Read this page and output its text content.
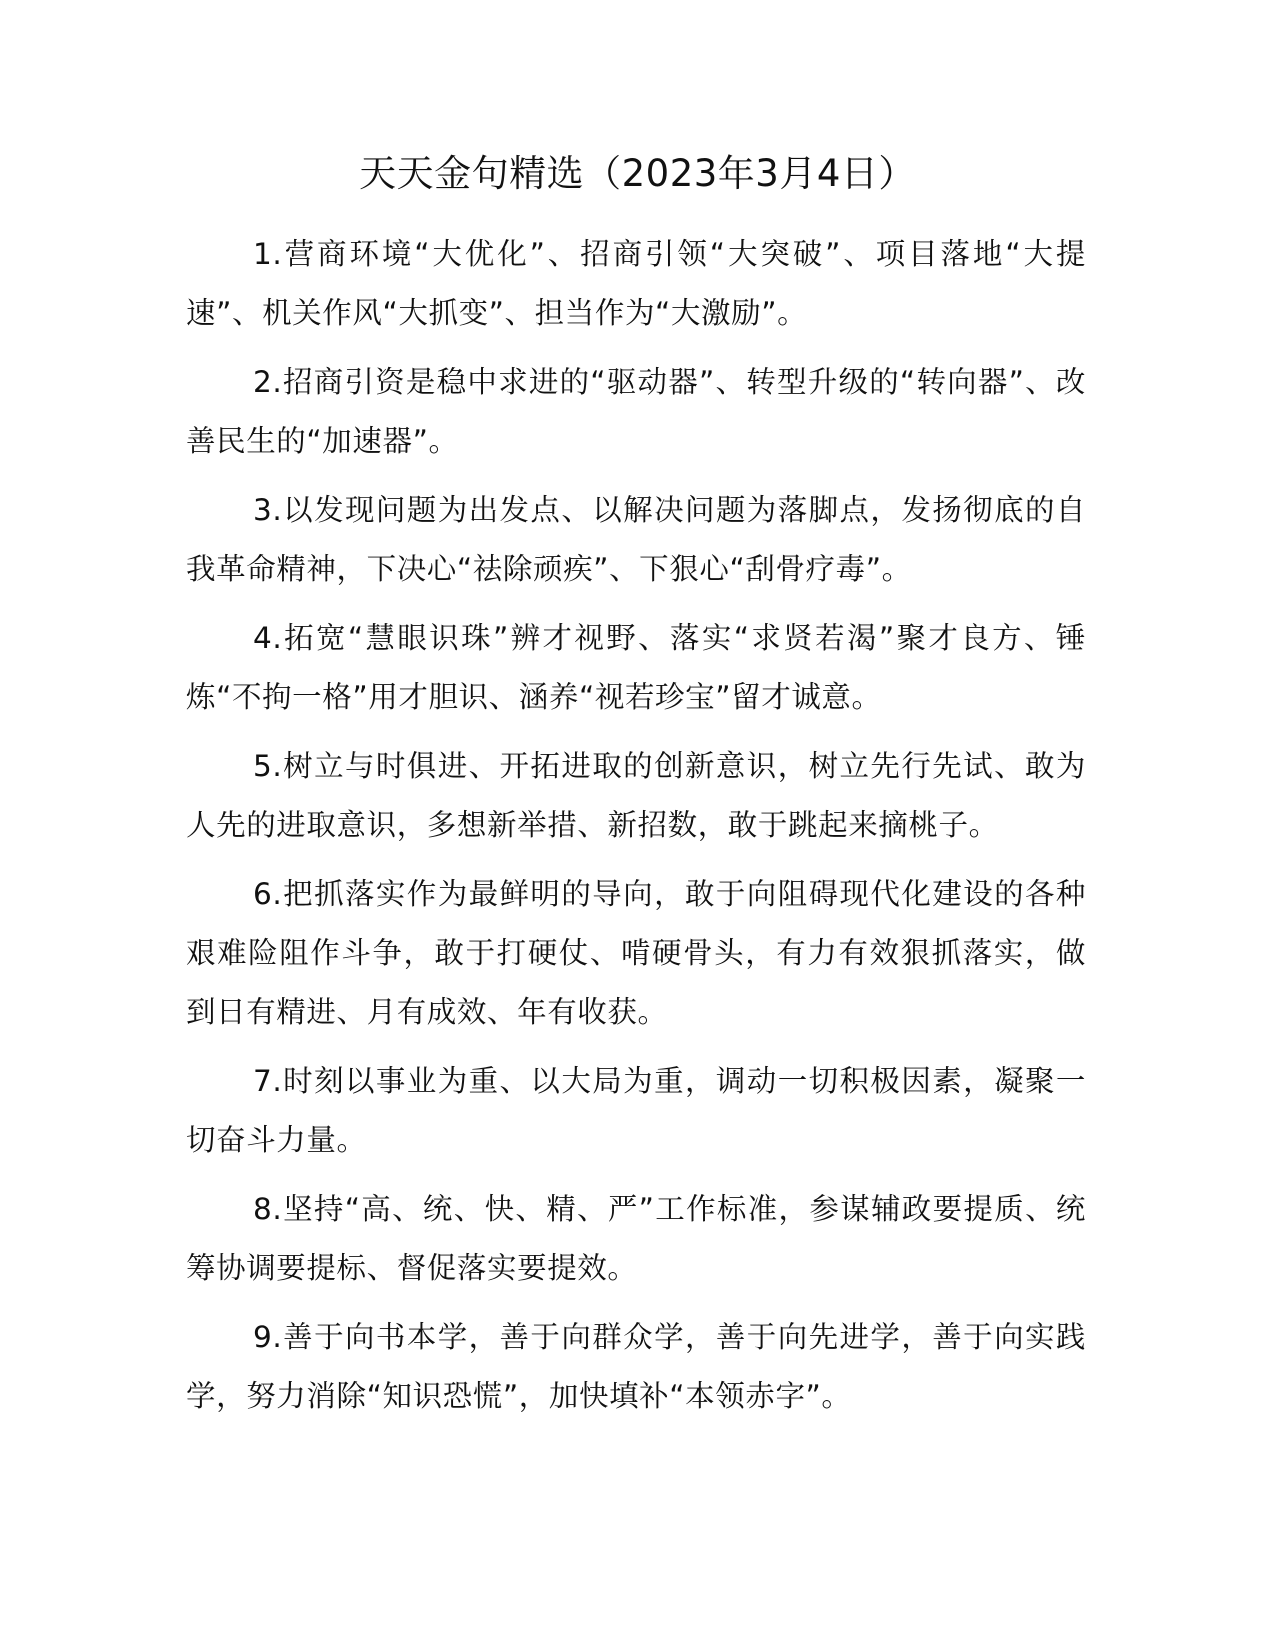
天天金句精选（2023年3月4日）

1.营商环境“大优化”、招商引领“大突破”、项目落地“大提速”、机关作风“大抓变”、担当作为“大激励”。

2.招商引资是稳中求进的“驱动器”、转型升级的“转向器”、改善民生的“加速器”。

3.以发现问题为出发点、以解决问题为落脚点，发扬彻底的自我革命精神，下决心“祛除顽疾”、下狠心“刮骨疗毒”。

4.拓宽“慧眼识珠”辨才视野、落实“求贤若渴”聚才良方、锤炼“不拘一格”用才胆识、涵养“视若珍宝”留才诚意。

5.树立与时俱进、开拓进取的创新意识，树立先行先试、敢为人先的进取意识，多想新举措、新招数，敢于跳起来摘桃子。

6.把抓落实作为最鲜明的导向，敢于向阻碍现代化建设的各种艰难险阻作斗争，敢于打硬仗、啃硬骨头，有力有效狠抓落实，做到日有精进、月有成效、年有收获。

7.时刻以事业为重、以大局为重，调动一切积极因素，凝聚一切奋斗力量。

8.坚持“高、统、快、精、严”工作标准，参谋辅政要提质、统筹协调要提标、督促落实要提效。

9.善于向书本学，善于向群众学，善于向先进学，善于向实践学，努力消除“知识恐慌”，加快填补“本领赤字”。
